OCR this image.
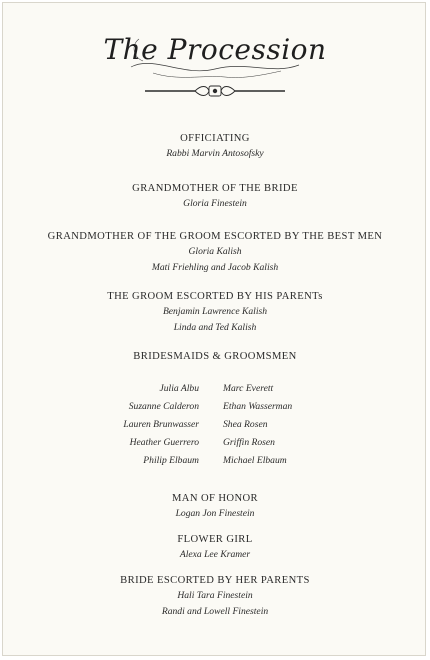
The Procession
OFFICIATING
Rabbi Marvin Antosofsky
GRANDMOTHER OF THE BRIDE
Gloria Finestein
GRANDMOTHER OF THE GROOM ESCORTED BY THE BEST MEN
Gloria Kalish
Mati Friehling and Jacob Kalish
THE GROOM ESCORTED BY HIS PARENTs
Benjamin Lawrence Kalish
Linda and Ted Kalish
BRIDESMAIDS & GROOMSMEN
Julia Albu	Marc Everett
Suzanne Calderon	Ethan Wasserman
Lauren Brunwasser	Shea Rosen
Heather Guerrero	Griffin Rosen
Philip Elbaum	Michael Elbaum
MAN OF HONOR
Logan Jon Finestein
FLOWER GIRL
Alexa Lee Kramer
BRIDE ESCORTED BY HER PARENTS
Hali Tara Finestein
Randi and Lowell Finestein
